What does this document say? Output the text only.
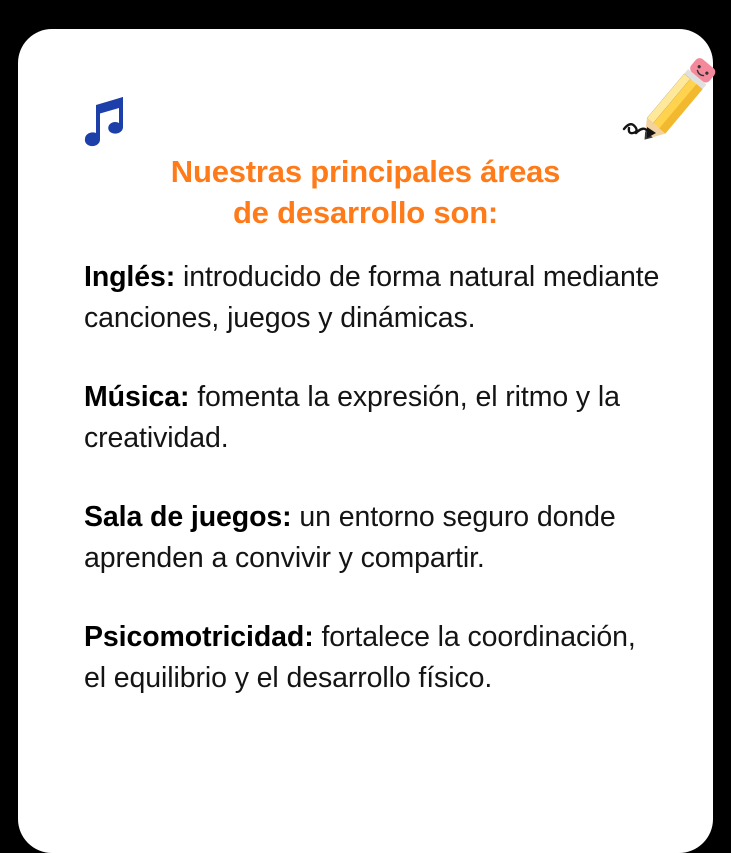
Nuestras principales áreas
de desarrollo son:

Inglés: introducido de forma natural mediante canciones, juegos y dinámicas.

Música: fomenta la expresión, el ritmo y la creatividad.

Sala de juegos: un entorno seguro donde aprenden a convivir y compartir.

Psicomotricidad: fortalece la coordinación, el equilibrio y el desarrollo físico.
